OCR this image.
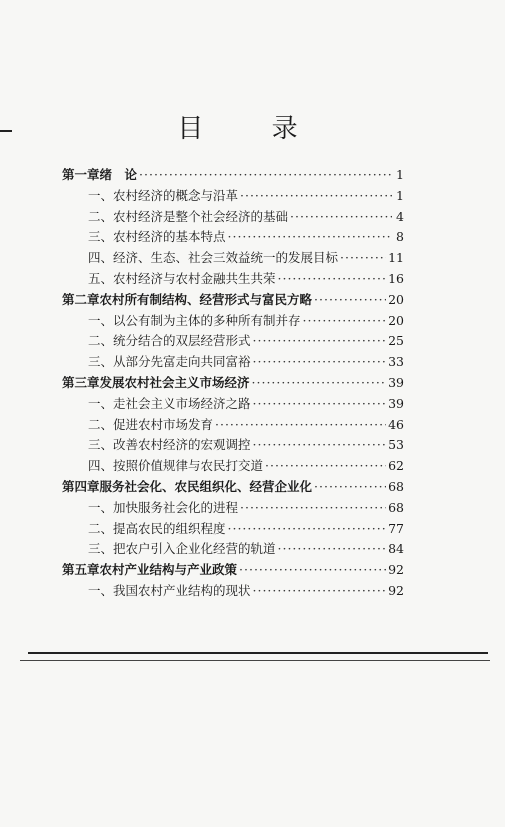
目 录
第一章 绪　论 ·····	1
一、农村经济的概念与沿革 ·····	1
二、农村经济是整个社会经济的基础 ·····	4
三、农村经济的基本特点 ·····	8
四、经济、生态、社会三效益统一的发展目标 ·····	11
五、农村经济与农村金融共生共荣 ·····	16
第二章 农村所有制结构、经营形式与富民方略 ·····	20
一、以公有制为主体的多种所有制并存 ·····	20
二、统分结合的双层经营形式 ·····	25
三、从部分先富走向共同富裕 ·····	33
第三章 发展农村社会主义市场经济 ·····	39
一、走社会主义市场经济之路 ·····	39
二、促进农村市场发育 ·····	46
三、改善农村经济的宏观调控 ·····	53
四、按照价值规律与农民打交道 ·····	62
第四章 服务社会化、农民组织化、经营企业化 ·····	68
一、加快服务社会化的进程 ·····	68
二、提高农民的组织程度 ·····	77
三、把农户引入企业化经营的轨道 ·····	84
第五章 农村产业结构与产业政策 ·····	92
一、我国农村产业结构的现状 ·····	92
